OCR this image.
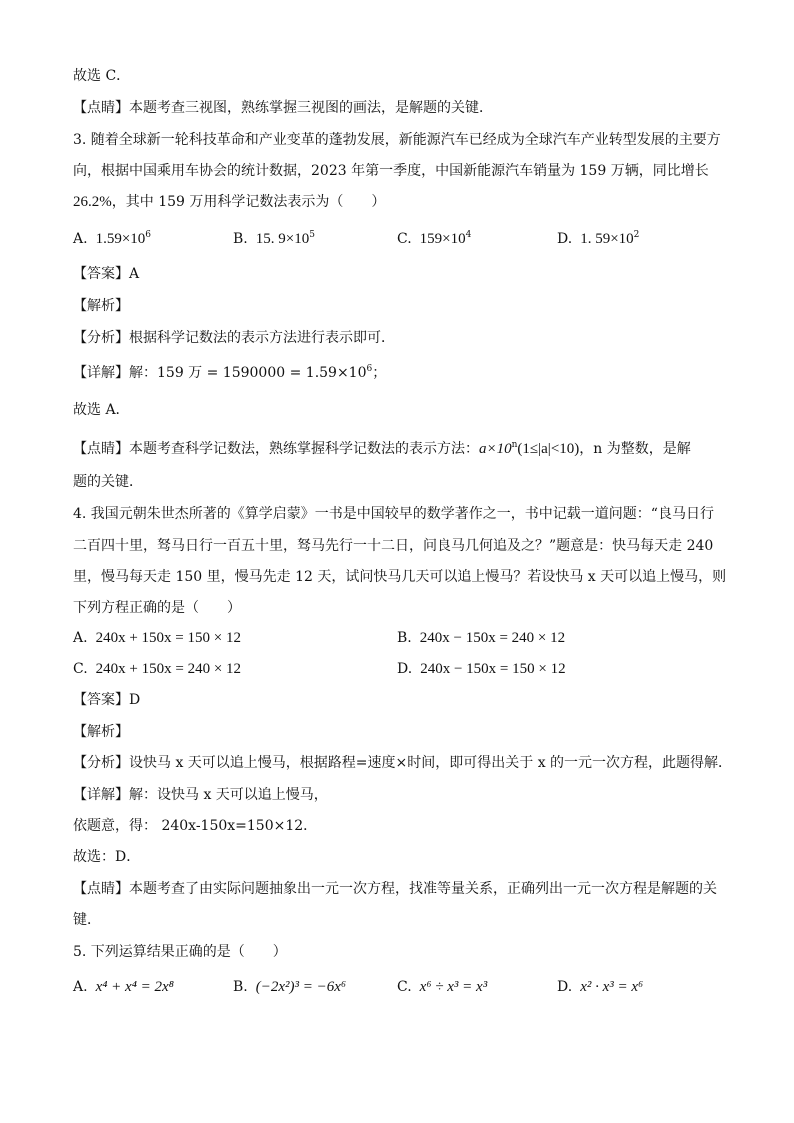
故选 C．
【点睛】本题考查三视图，熟练掌握三视图的画法，是解题的关键．
3. 随着全球新一轮科技革命和产业变革的蓬勃发展，新能源汽车已经成为全球汽车产业转型发展的主要方
向，根据中国乘用车协会的统计数据，2023 年第一季度，中国新能源汽车销量为 159 万辆，同比增长
26.2%，其中 159 万用科学记数法表示为（　　）
A. $1.59\times 10^6$	B. 15. $9\times 10^5$	C. $159\times 10^4$	D. 1. $59\times 10^2$
【答案】A
【解析】
【分析】根据科学记数法的表示方法进行表示即可．
【详解】解：159 万 = $1590000 = 1.59\times 10^6$；
故选 A．
【点睛】本题考查科学记数法，熟练掌握科学记数法的表示方法：$a\times 10^n(1\le|a|<10)$，n 为整数，是解
题的关键．
4. 我国元朝朱世杰所著的《算学启蒙》一书是中国较早的数学著作之一，书中记载一道问题：“良马日行
二百四十里，驽马日行一百五十里，驽马先行一十二日，问良马几何追及之？”题意是：快马每天走 240
里，慢马每天走 150 里，慢马先走 12 天，试问快马几天可以追上慢马？若设快马 x 天可以追上慢马，则
下列方程正确的是（　　）
A. 240x + 150x = 150 × 12	B. 240x − 150x = 240 × 12
C. 240x + 150x = 240 × 12	D. 240x − 150x = 150 × 12
【答案】D
【解析】
【分析】设快马 x 天可以追上慢马，根据路程=速度×时间，即可得出关于 x 的一元一次方程，此题得解．
【详解】解：设快马 x 天可以追上慢马，
依题意，得： 240x-150x=150×12．
故选：D．
【点睛】本题考查了由实际问题抽象出一元一次方程，找准等量关系，正确列出一元一次方程是解题的关
键．
5. 下列运算结果正确的是（　　）
A. x⁴ + x⁴ = 2x⁸	B. (−2x²)³ = −6x⁶	C. x⁶ ÷ x³ = x³	D. x² · x³ = x⁶
